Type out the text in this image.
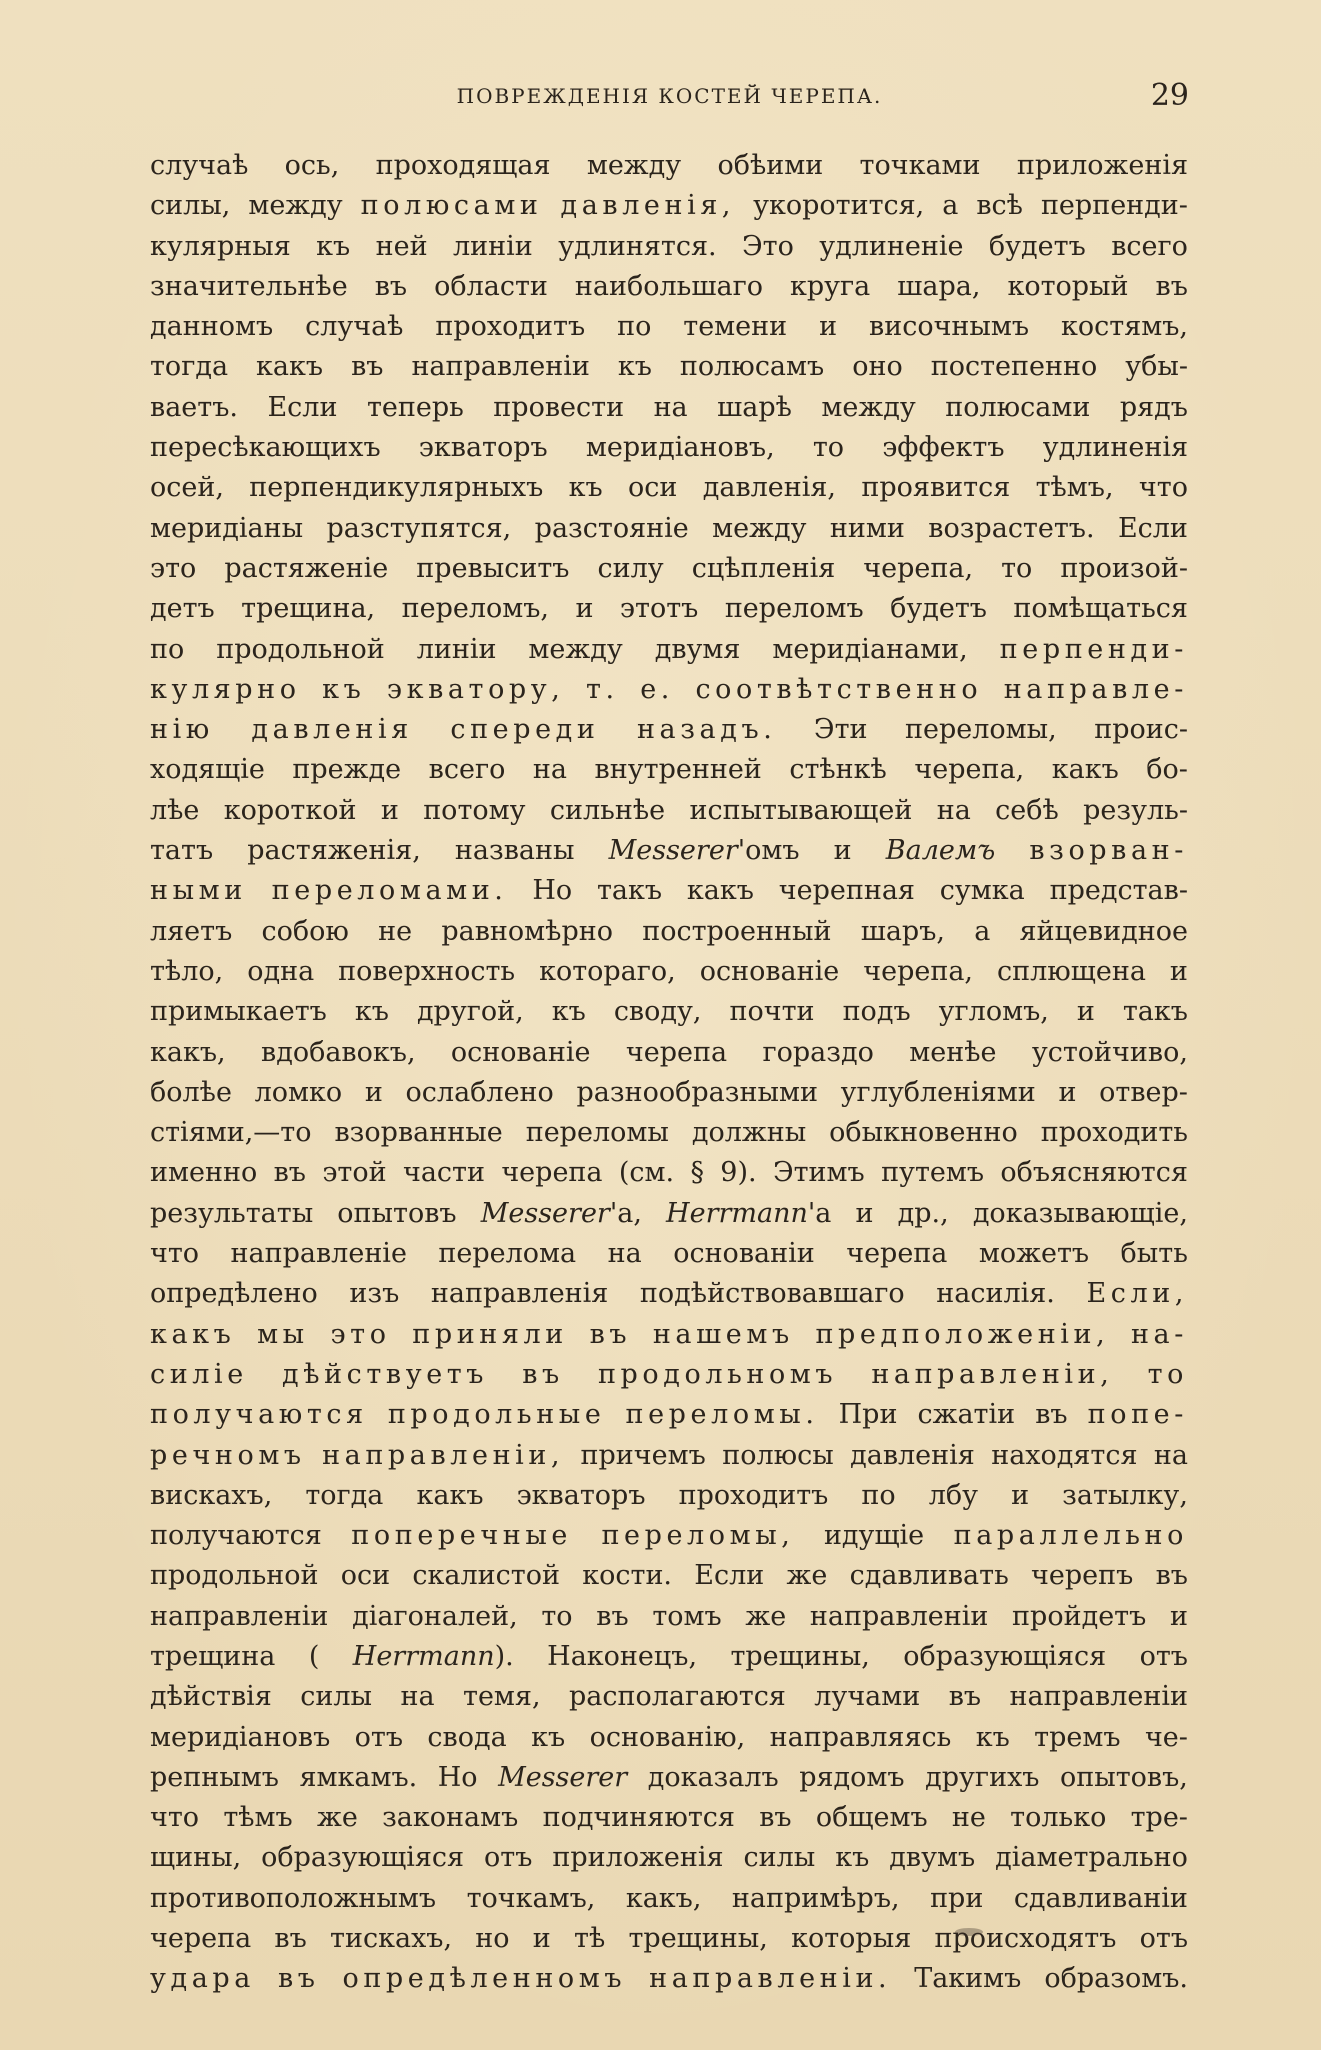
ПОВРЕЖДЕНІЯ КОСТЕЙ ЧЕРЕПА.	29
случаѣ ось, проходящая между обѣими точками приложенія
силы, между полюсами давленія, укоротится, а всѣ перпенди-
кулярныя къ ней линіи удлинятся. Это удлиненіе будетъ всего
значительнѣе въ области наибольшаго круга шара, который въ
данномъ случаѣ проходитъ по темени и височнымъ костямъ,
тогда какъ въ направленіи къ полюсамъ оно постепенно убы-
ваетъ. Если теперь провести на шарѣ между полюсами рядъ
пересѣкающихъ экваторъ меридіановъ, то эффектъ удлиненія
осей, перпендикулярныхъ къ оси давленія, проявится тѣмъ, что
меридіаны разступятся, разстояніе между ними возрастетъ. Если
это растяженіе превыситъ силу сцѣпленія черепа, то произой-
детъ трещина, переломъ, и этотъ переломъ будетъ помѣщаться
по продольной линіи между двумя меридіанами, перпенди-
кулярно къ экватору, т. е. соотвѣтственно направле-
нію давленія спереди назадъ. Эти переломы, проис-
ходящіе прежде всего на внутренней стѣнкѣ черепа, какъ бо-
лѣе короткой и потому сильнѣе испытывающей на себѣ резуль-
татъ растяженія, названы Messerer'омъ и Валемъ взорван-
ными переломами. Но такъ какъ черепная сумка представ-
ляетъ собою не равномѣрно построенный шаръ, а яйцевидное
тѣло, одна поверхность котораго, основаніе черепа, сплющена и
примыкаетъ къ другой, къ своду, почти подъ угломъ, и такъ
какъ, вдобавокъ, основаніе черепа гораздо менѣе устойчиво,
болѣе ломко и ослаблено разнообразными углубленіями и отвер-
стіями,—то взорванные переломы должны обыкновенно проходить
именно въ этой части черепа (см. § 9). Этимъ путемъ объясняются
результаты опытовъ Messerer'а, Herrmann'а и др., доказывающіе,
что направленіе перелома на основаніи черепа можетъ быть
опредѣлено изъ направленія подѣйствовавшаго насилія. Если,
какъ мы это приняли въ нашемъ предположеніи, на-
силіе дѣйствуетъ въ продольномъ направленіи, то
получаются продольные переломы. При сжатіи въ попе-
речномъ направленіи, причемъ полюсы давленія находятся на
вискахъ, тогда какъ экваторъ проходитъ по лбу и затылку,
получаются поперечные переломы, идущіе параллельно
продольной оси скалистой кости. Если же сдавливать черепъ въ
направленіи діагоналей, то въ томъ же направленіи пройдетъ и
трещина ( Herrmann). Наконецъ, трещины, образующіяся отъ
дѣйствія силы на темя, располагаются лучами въ направленіи
меридіановъ отъ свода къ основанію, направляясь къ тремъ че-
репнымъ ямкамъ. Но Messerer доказалъ рядомъ другихъ опытовъ,
что тѣмъ же законамъ подчиняются въ общемъ не только тре-
щины, образующіяся отъ приложенія силы къ двумъ діаметрально
противоположнымъ точкамъ, какъ, напримѣръ, при сдавливаніи
черепа въ тискахъ, но и тѣ трещины, которыя происходятъ отъ
удара въ опредѣленномъ направленіи. Такимъ образомъ.
